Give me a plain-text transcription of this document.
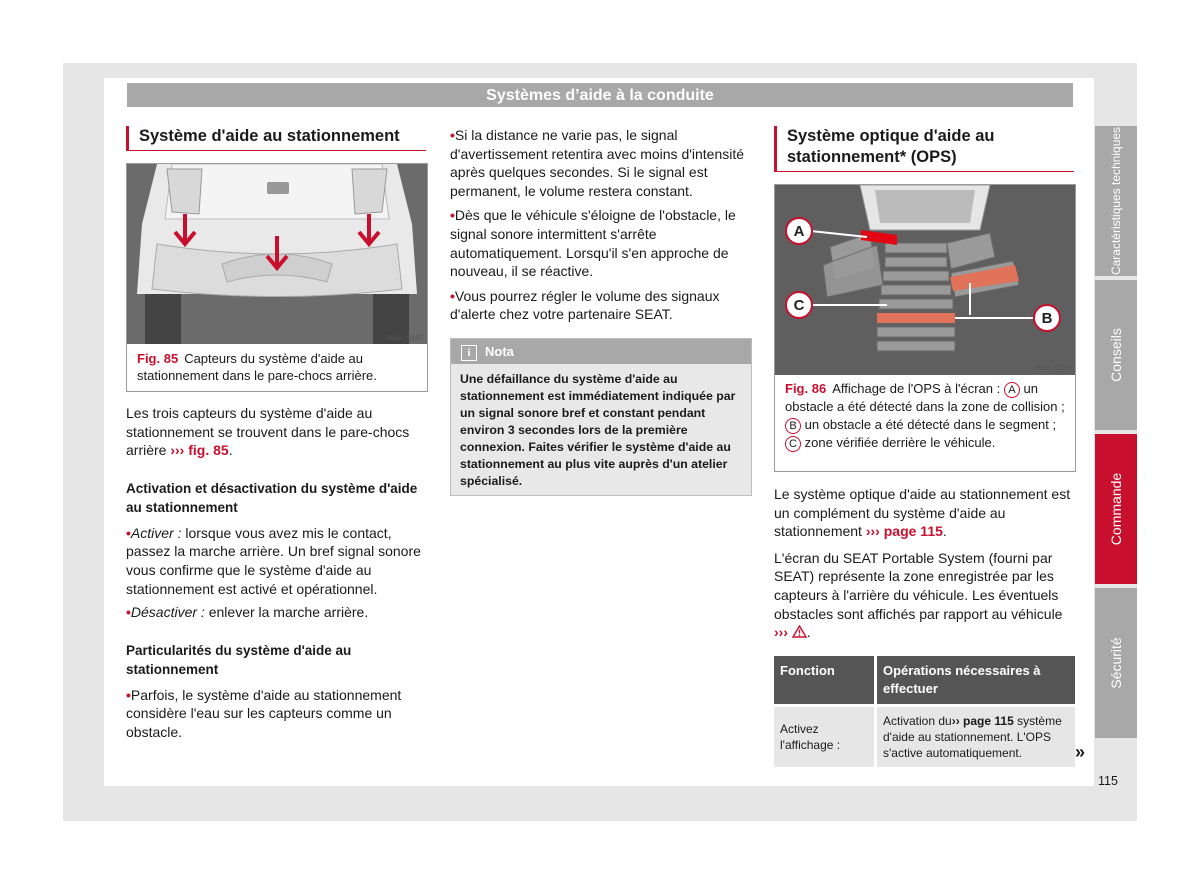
Systèmes d’aide à la conduite
Système d'aide au stationnement
B1SL-0167
Fig. 85 Capteurs du système d'aide au stationnement dans le pare-chocs arrière.

Les trois capteurs du système d'aide au stationnement se trouvent dans le pare-chocs arrière ››› fig. 85.

Activation et désactivation du système d'aide au stationnement

• Activer : lorsque vous avez mis le contact, passez la marche arrière. Un bref signal sonore vous confirme que le système d'aide au stationnement est activé et opérationnel.

• Désactiver : enlever la marche arrière.

Particularités du système d'aide au stationnement

• Parfois, le système d'aide au stationnement considère l'eau sur les capteurs comme un obstacle.

• Si la distance ne varie pas, le signal d'avertissement retentira avec moins d'intensité après quelques secondes. Si le signal est permanent, le volume restera constant.

• Dès que le véhicule s'éloigne de l'obstacle, le signal sonore intermittent s'arrête automatiquement. Lorsqu'il s'en approche de nouveau, il se réactive.

• Vous pourrez régler le volume des signaux d'alerte chez votre partenaire SEAT.

i Nota
Une défaillance du système d'aide au stationnement est immédiatement indiquée par un signal sonore bref et constant pendant environ 3 secondes lors de la première connexion. Faites vérifier le système d'aide au stationnement au plus vite auprès d'un atelier spécialisé.
Système optique d'aide au stationnement* (OPS)
A
C
B
B1SL-0241
Fig. 86 Affichage de l'OPS à l'écran : A un obstacle a été détecté dans la zone de collision ; B un obstacle a été détecté dans le segment ; C zone vérifiée derrière le véhicule.

Le système optique d'aide au stationnement est un complément du système d'aide au stationnement ››› page 115.

L'écran du SEAT Portable System (fourni par SEAT) représente la zone enregistrée par les capteurs à l'arrière du véhicule. Les éventuels obstacles sont affichés par rapport au véhicule ››› .

Fonction	Opérations nécessaires à effectuer
Activez l'affichage :	Activation du›› page 115 système d'aide au stationnement. L'OPS s'active automatiquement.	»
Caractéristiques techniques
Conseils
Commande
Sécurité
115
